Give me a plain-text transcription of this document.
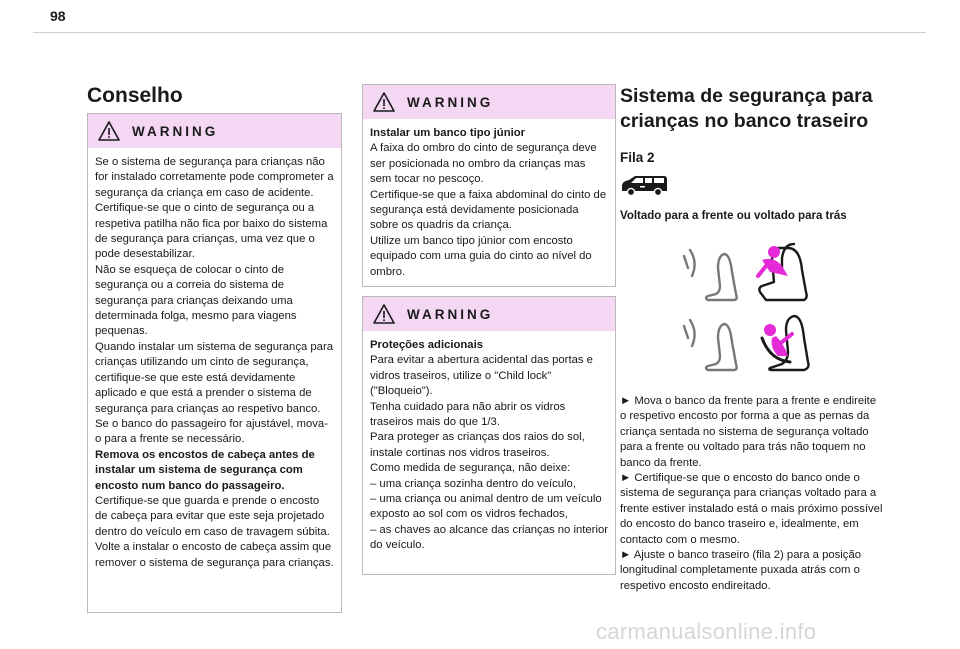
98
Conselho
WARNING

Se o sistema de segurança para crianças não for instalado corretamente pode comprometer a segurança da criança em caso de acidente.

Certifique-se que o cinto de segurança ou a respetiva patilha não fica por baixo do sistema de segurança para crianças, uma vez que o pode desestabilizar.

Não se esqueça de colocar o cinto de segurança ou a correia do sistema de segurança para crianças deixando uma determinada folga, mesmo para viagens pequenas.

Quando instalar um sistema de segurança para crianças utilizando um cinto de segurança, certifique-se que este está devidamente aplicado e que está a prender o sistema de segurança para crianças ao respetivo banco. Se o banco do passageiro for ajustável, mova-o para a frente se necessário.

Remova os encostos de cabeça antes de instalar um sistema de segurança com encosto num banco do passageiro.

Certifique-se que guarda e prende o encosto de cabeça para evitar que este seja projetado dentro do veículo em caso de travagem súbita. Volte a instalar o encosto de cabeça assim que remover o sistema de segurança para crianças.

WARNING

Instalar um banco tipo júnior

A faixa do ombro do cinto de segurança deve ser posicionada no ombro da crianças mas sem tocar no pescoço.

Certifique-se que a faixa abdominal do cinto de segurança está devidamente posicionada sobre os quadris da criança.

Utilize um banco tipo júnior com encosto equipado com uma guia do cinto ao nível do ombro.

WARNING

Proteções adicionais

Para evitar a abertura acidental das portas e vidros traseiros, utilize o "Child lock" ("Bloqueio").

Tenha cuidado para não abrir os vidros traseiros mais do que 1/3.

Para proteger as crianças dos raios do sol, instale cortinas nos vidros traseiros.

Como medida de segurança, não deixe:

– uma criança sozinha dentro do veículo,

– uma criança ou animal dentro de um veículo exposto ao sol com os vidros fechados,

– as chaves ao alcance das crianças no interior do veículo.

Sistema de segurança para crianças no banco traseiro
Fila 2

Voltado para a frente ou voltado para trás

► Mova o banco da frente para a frente e endireite o respetivo encosto por forma a que as pernas da criança sentada no sistema de segurança voltado para a frente ou voltado para trás não toquem no banco da frente.

► Certifique-se que o encosto do banco onde o sistema de segurança para crianças voltado para a frente estiver instalado está o mais próximo possível do encosto do banco traseiro e, idealmente, em contacto com o mesmo.

► Ajuste o banco traseiro (fila 2) para a posição longitudinal completamente puxada atrás com o respetivo encosto endireitado.

carmanualsonline.info
